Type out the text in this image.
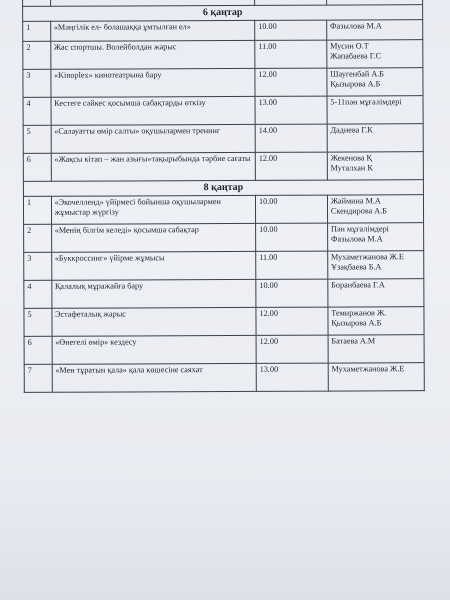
6 қаңтар			
1	«Мәңгілік ел- болашаққа ұмтылған ел»	10.00	Фазылова М.А

2	Жас спортшы. Волейболдан жарыс	11.00	Мусин О.Т
Жапабаева Г.С

3	«Kinoplex» кинотеатрына бару	12.00	Шаугенбай А.Б
Қызырова А.Б

4	Кестеге сәйкес қосымша сабақтарды өткізу	13.00	5-11пән мұғалімдері

5	«Салауатты өмір салты» оқушылармен тренинг	14.00	Дадиева Г.К

6	«Жақсы кітап – жан азығы»тақырыбында тәрбие сағаты	12.00	Жекенова Қ
Муталхан К

8 қаңтар			
1	«Экочелленд» үйірмесі бойынша оқушылармен жұмыстар жүргізу	10.00	Жаймина М.А
Скендирова А.Б

2	«Менің білгім келеді» қосымша сабақтар	10.00	Пән мұғалімдері
Фазылова М.А

3	«Буккроссинг» үйірме жұмысы	11.00	Мухаметжанова Ж.Е
Ұзақбаева Б.А

4	Қалалық мұражайға бару	10.00	Боранбаева Г.А

5	Эстафеталық жарыс	12.00	Темиржанов Ж.
Қызырова А.Б

6	«Өнегелі өмір» кездесу	12.00	Батаева А.М

7	«Мен тұратын қала» қала көшесіне саяхат	13.00	Мухаметжанова Ж.Е
